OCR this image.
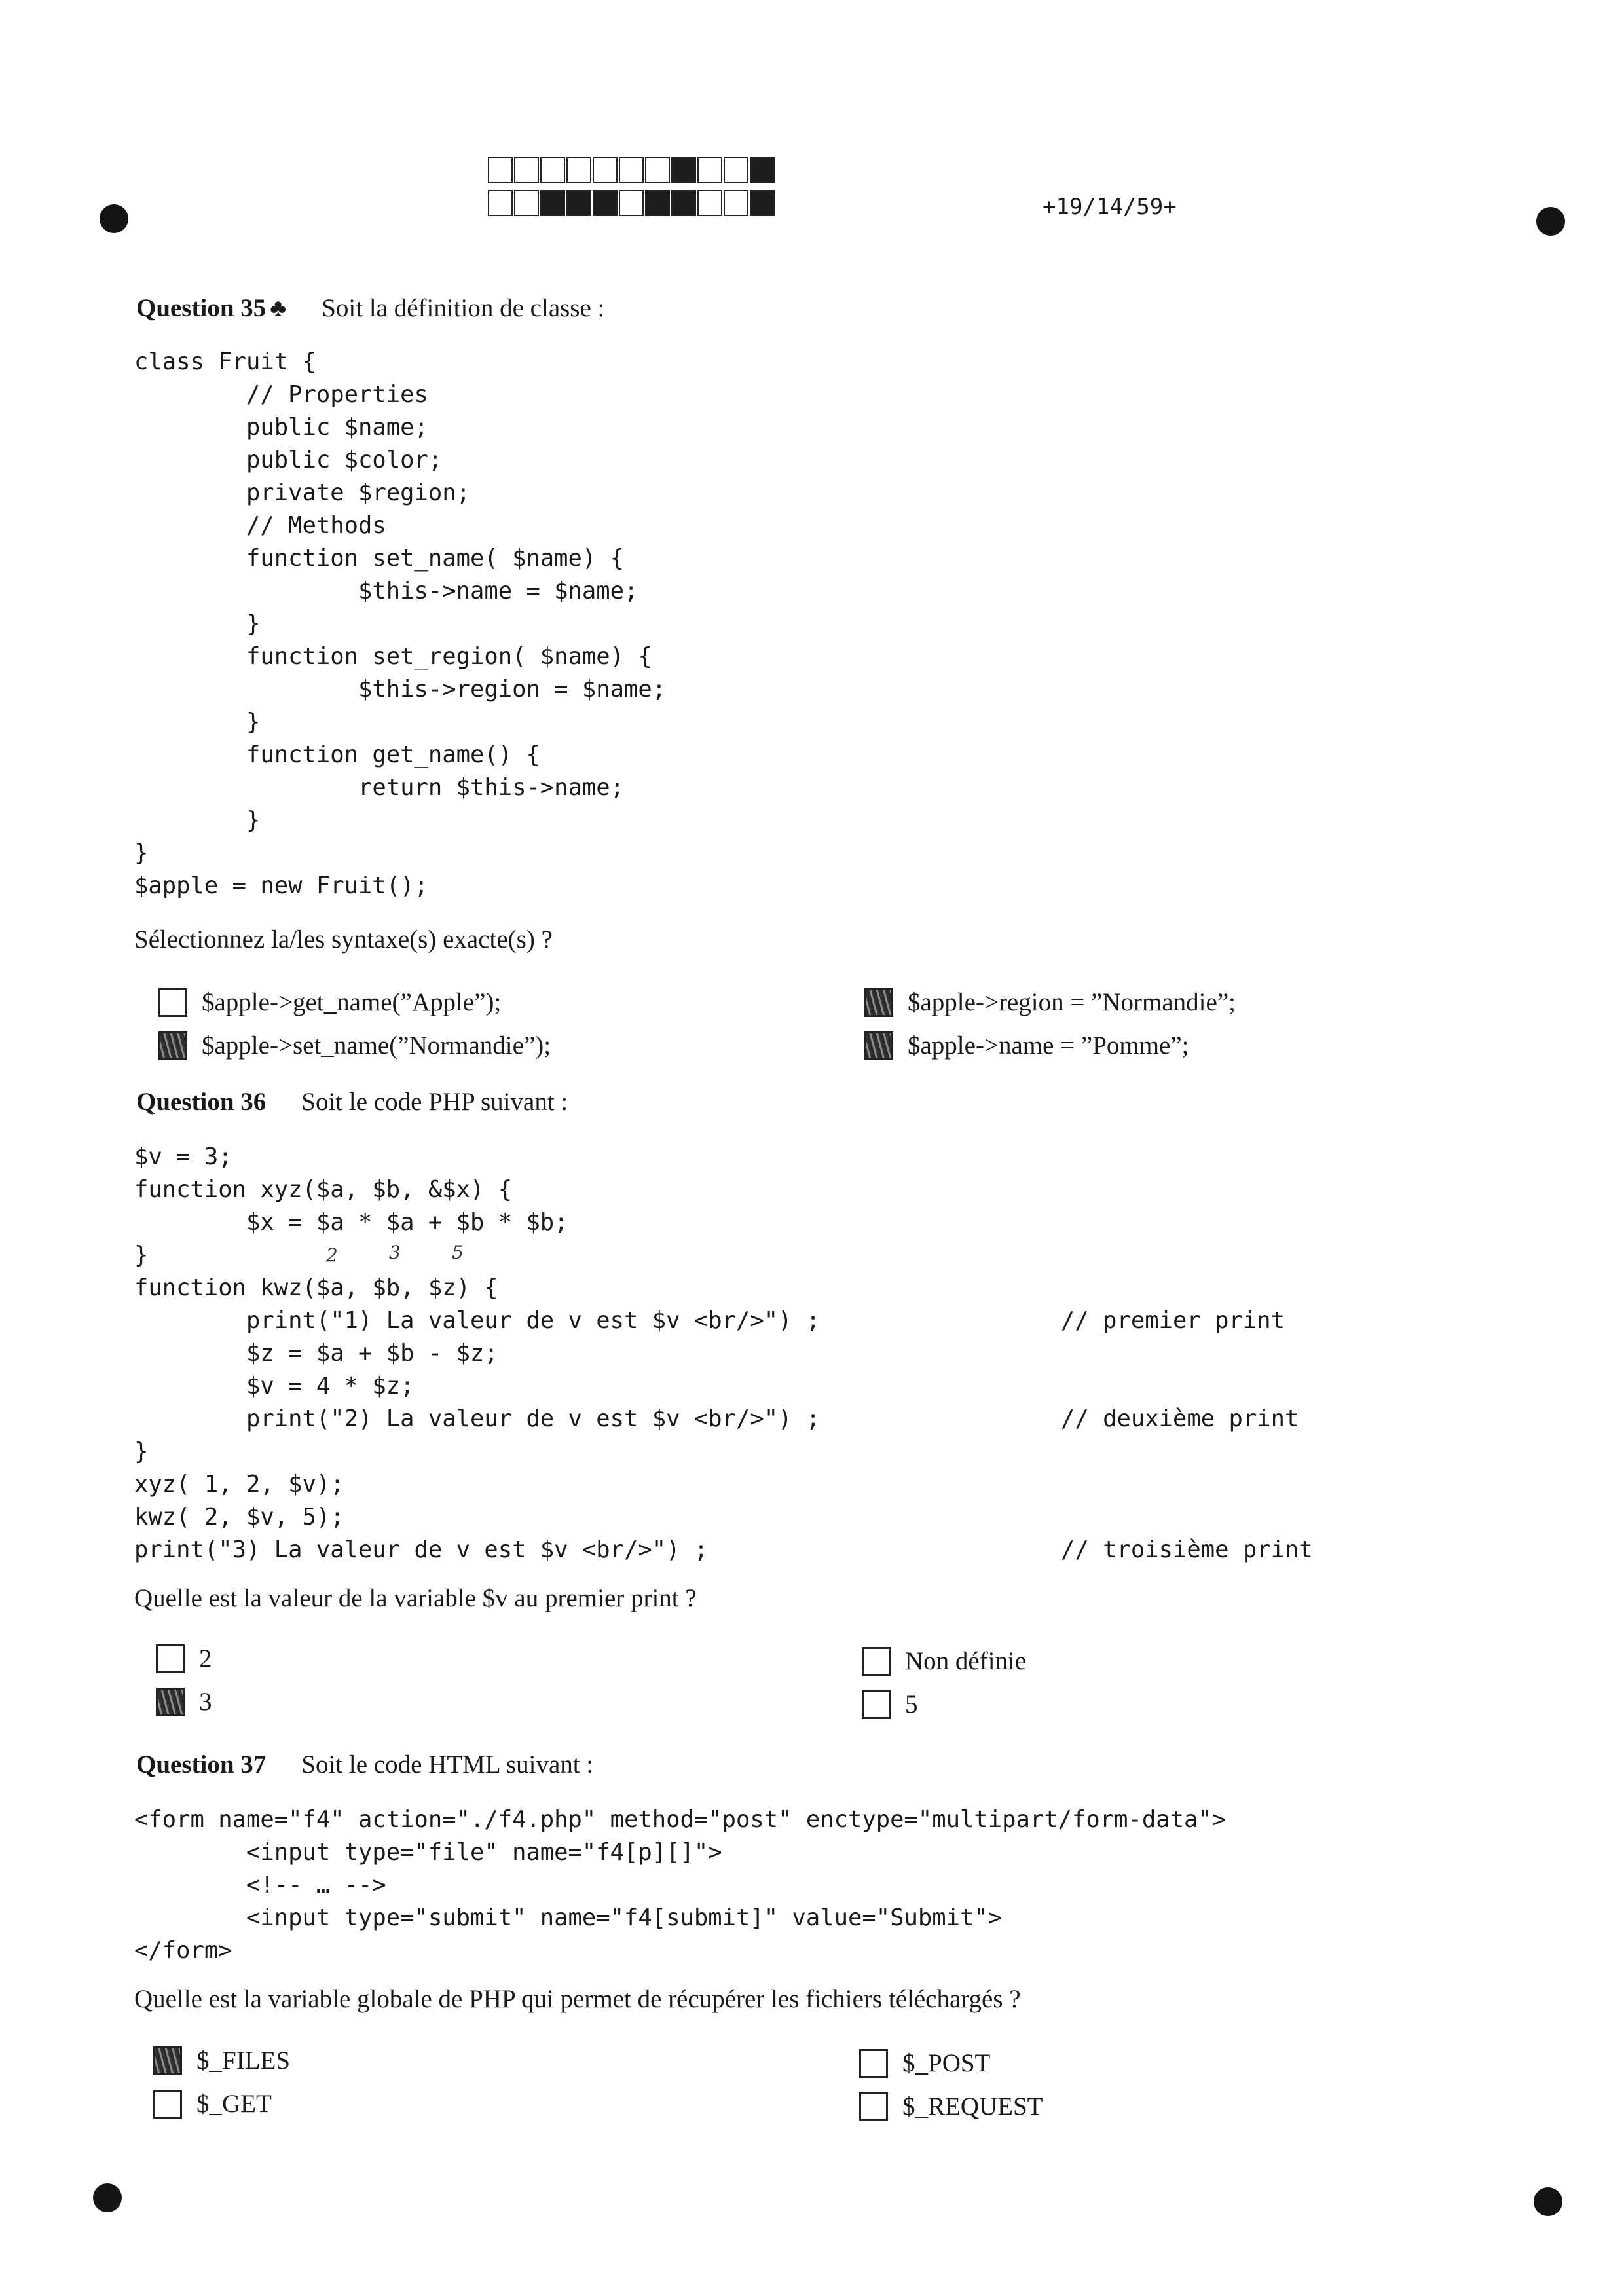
+19/14/59+
Question 35 ♣ Soit la définition de classe :
class Fruit {
// Properties
public $name;
public $color;
private $region;
// Methods
function set_name( $name) {
$this->name = $name;
}
function set_region( $name) {
$this->region = $name;
}
function get_name() {
return $this->name;
}
}
$apple = new Fruit();
Sélectionnez la/les syntaxe(s) exacte(s) ?
$apple->get_name(”Apple”);
$apple->set_name(”Normandie”);
$apple->region = ”Normandie”;
$apple->name = ”Pomme”;
Question 36 Soit le code PHP suivant :
$v = 3;
function xyz($a, $b, &$x) {
$x = $a * $a + $b * $b;
}
function kwz($a, $b, $z) {
print("1) La valeur de v est $v <br/>") ;
$z = $a + $b - $z;
$v = 4 * $z;
print("2) La valeur de v est $v <br/>") ;
}
xyz( 1, 2, $v);
kwz( 2, $v, 5);
print("3) La valeur de v est $v <br/>") ;
// premier print
// deuxième print
// troisième print
2	3	5
Quelle est la valeur de la variable $v au premier print ?
2
3
Non définie
5
Question 37 Soit le code HTML suivant :
<form name="f4" action="./f4.php" method="post" enctype="multipart/form-data">
<input type="file" name="f4[p][]">
<!-- … -->
<input type="submit" name="f4[submit]" value="Submit">
</form>
Quelle est la variable globale de PHP qui permet de récupérer les fichiers téléchargés ?
$_FILES
$_GET
$_POST
$_REQUEST
